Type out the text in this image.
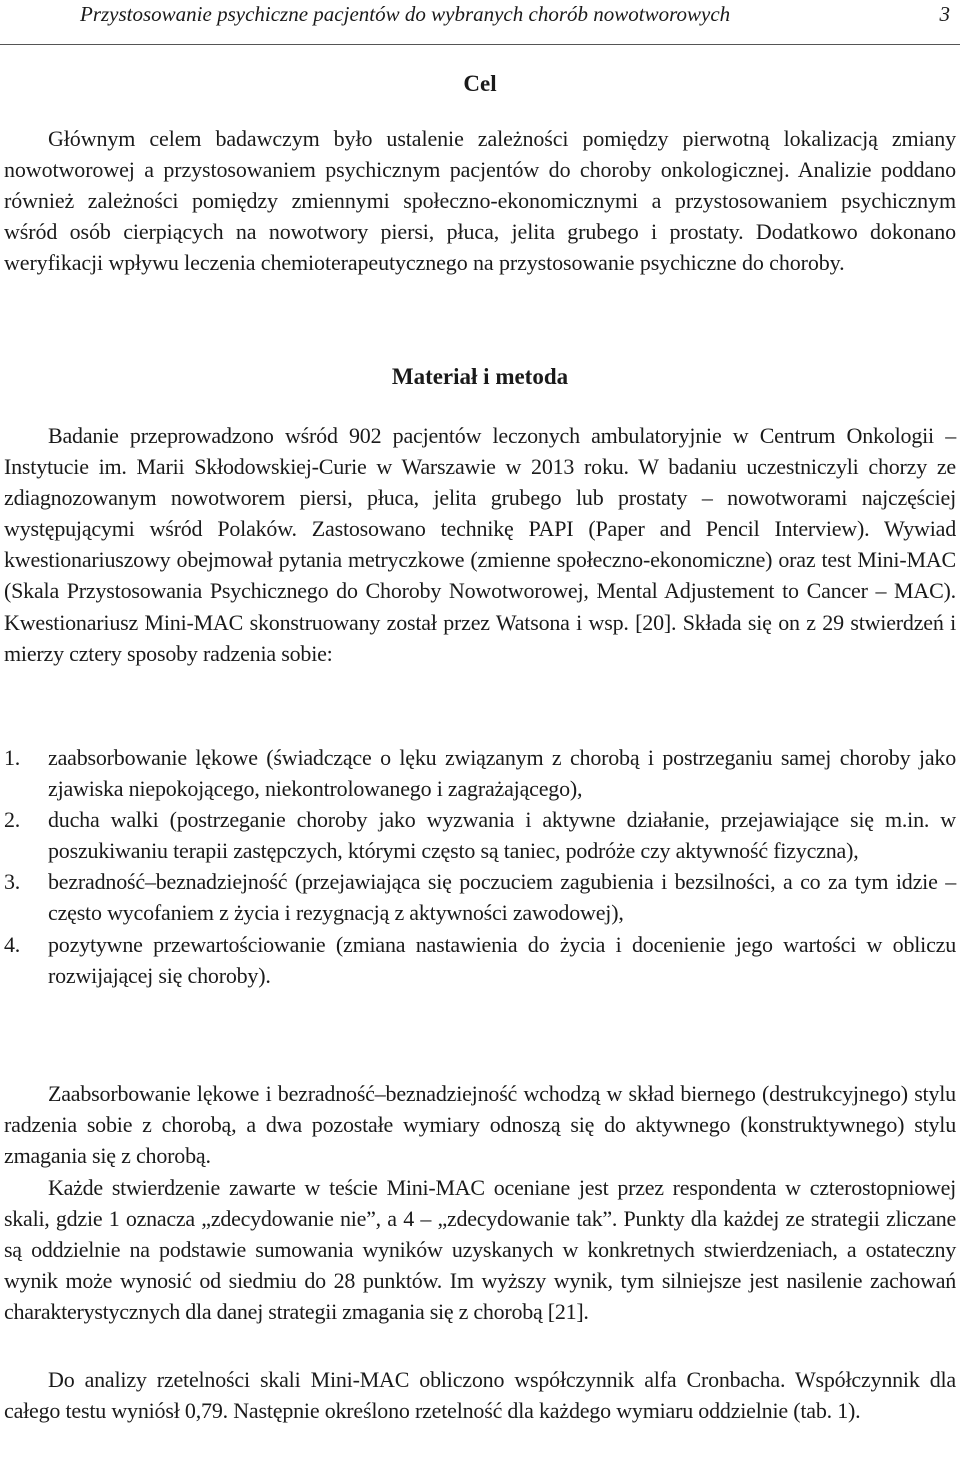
Przystosowanie psychiczne pacjentów do wybranych chorób nowotworowych	3
Cel
Głównym celem badawczym było ustalenie zależności pomiędzy pierwotną lokalizacją zmiany nowotworowej a przystosowaniem psychicznym pacjentów do choroby onkologicznej. Analizie poddano również zależności pomiędzy zmiennymi społeczno-ekonomicznymi a przystosowaniem psychicznym wśród osób cierpiących na nowotwory piersi, płuca, jelita grubego i prostaty. Dodatkowo dokonano weryfikacji wpływu leczenia chemioterapeutycznego na przystosowanie psychiczne do choroby.
Materiał i metoda
Badanie przeprowadzono wśród 902 pacjentów leczonych ambulatoryjnie w Centrum Onkologii – Instytucie im. Marii Skłodowskiej-Curie w Warszawie w 2013 roku. W badaniu uczestniczyli chorzy ze zdiagnozowanym nowotworem piersi, płuca, jelita grubego lub prostaty – nowotworami najczęściej występującymi wśród Polaków. Zastosowano technikę PAPI (Paper and Pencil Interview). Wywiad kwestionariuszowy obejmował pytania metryczkowe (zmienne społeczno-ekonomiczne) oraz test Mini-MAC (Skala Przystosowania Psychicznego do Choroby Nowotworowej, Mental Adjustement to Cancer – MAC). Kwestionariusz Mini-MAC skonstruowany został przez Watsona i wsp. [20]. Składa się on z 29 stwierdzeń i mierzy cztery sposoby radzenia sobie:
1. zaabsorbowanie lękowe (świadczące o lęku związanym z chorobą i postrzeganiu samej choroby jako zjawiska niepokojącego, niekontrolowanego i zagrażającego),
2. ducha walki (postrzeganie choroby jako wyzwania i aktywne działanie, przejawiające się m.in. w poszukiwaniu terapii zastępczych, którymi często są taniec, podróże czy aktywność fizyczna),
3. bezradność–beznadziejność (przejawiająca się poczuciem zagubienia i bezsilności, a co za tym idzie – często wycofaniem z życia i rezygnacją z aktywności zawodowej),
4. pozytywne przewartościowanie (zmiana nastawienia do życia i docenienie jego wartości w obliczu rozwijającej się choroby).
Zaabsorbowanie lękowe i bezradność–beznadziejność wchodzą w skład biernego (destrukcyjnego) stylu radzenia sobie z chorobą, a dwa pozostałe wymiary odnoszą się do aktywnego (konstruktywnego) stylu zmagania się z chorobą.
Każde stwierdzenie zawarte w teście Mini-MAC oceniane jest przez respondenta w czterostopniowej skali, gdzie 1 oznacza „zdecydowanie nie”, a 4 – „zdecydowanie tak”. Punkty dla każdej ze strategii zliczane są oddzielnie na podstawie sumowania wyników uzyskanych w konkretnych stwierdzeniach, a ostateczny wynik może wynosić od siedmiu do 28 punktów. Im wyższy wynik, tym silniejsze jest nasilenie zachowań charakterystycznych dla danej strategii zmagania się z chorobą [21].
Do analizy rzetelności skali Mini-MAC obliczono współczynnik alfa Cronbacha. Współczynnik dla całego testu wyniósł 0,79. Następnie określono rzetelność dla każdego wymiaru oddzielnie (tab. 1).
